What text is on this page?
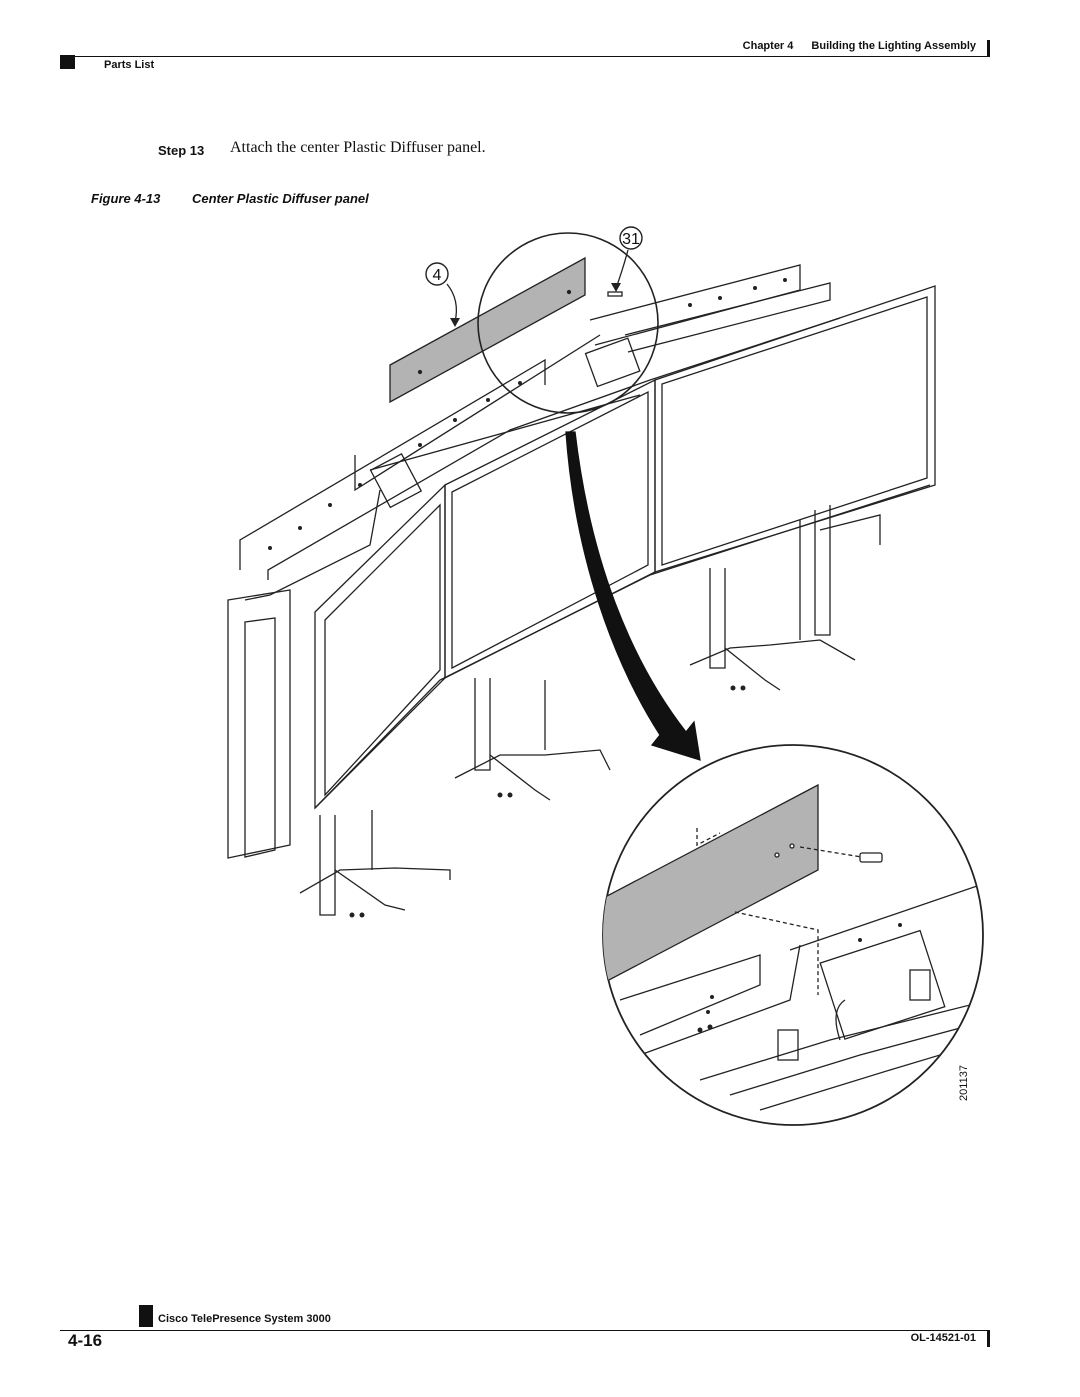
Chapter 4 Building the Lighting Assembly
Parts List
Step 13 Attach the center Plastic Diffuser panel.
Figure 4-13 Center Plastic Diffuser panel
31
4
201137
Cisco TelePresence System 3000
4-16	OL-14521-01
